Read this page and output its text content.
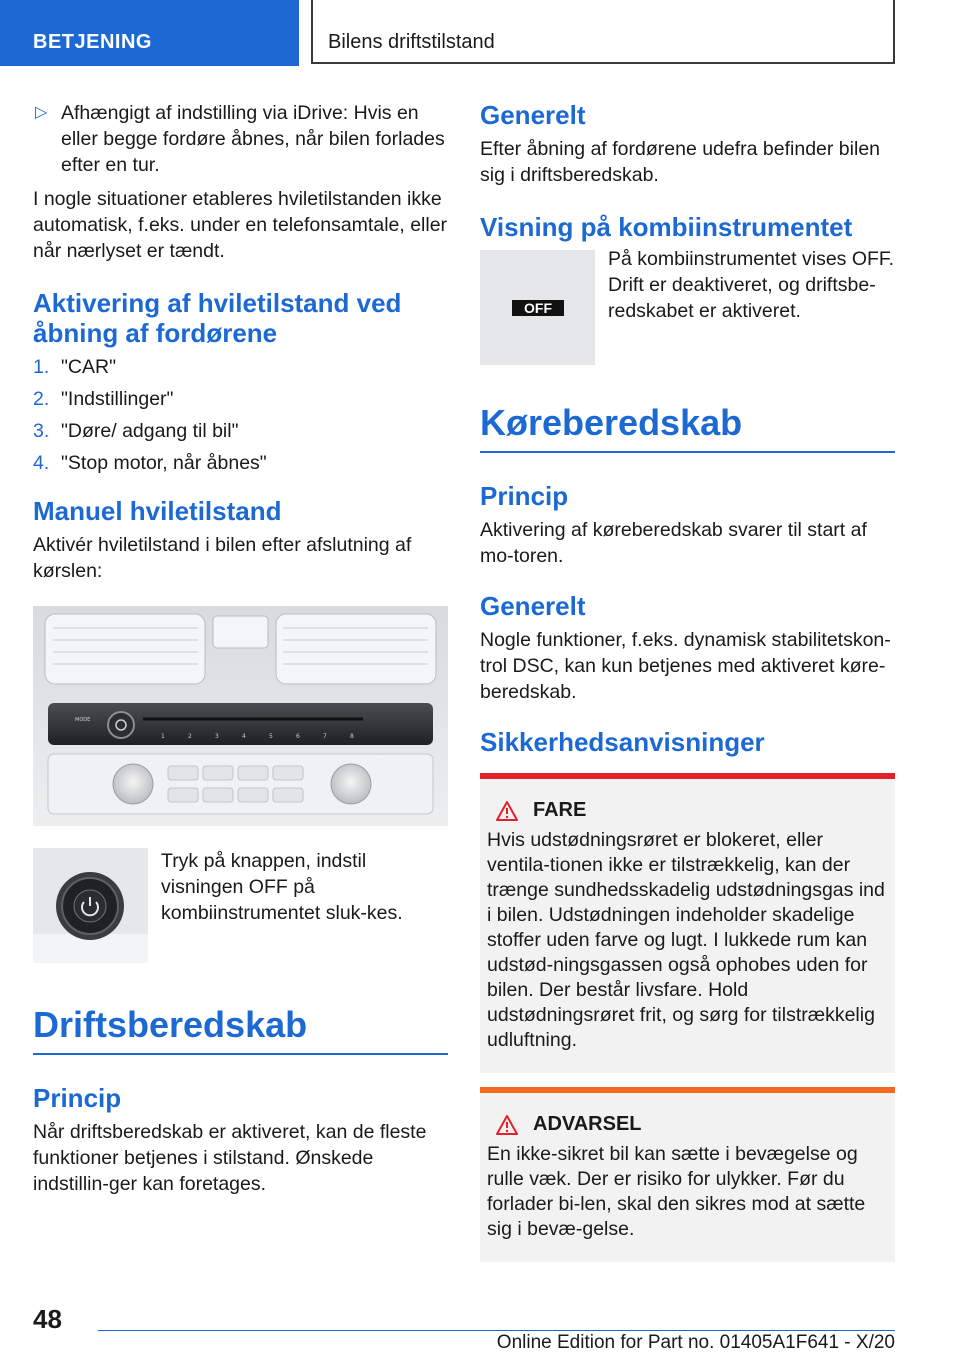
BETJENING	Bilens driftstilstand
▷ Afhængigt af indstilling via iDrive: Hvis en eller begge fordøre åbnes, når bilen forlades efter en tur.

I nogle situationer etableres hviletilstanden ikke automatisk, f.eks. under en telefonsamtale, eller når nærlyset er tændt.

Aktivering af hviletilstand ved åbning af fordørene
1. "CAR"
2. "Indstillinger"
3. "Døre/ adgang til bil"
4. "Stop motor, når åbnes"
Manuel hviletilstand

Aktivér hviletilstand i bilen efter afslutning af kørslen:

MODE
1	2	3	4	5	6	7	8

Tryk på knappen, indstil visningen OFF på kombiinstrumentet sluk-kes.

Driftsberedskab
Princip

Når driftsberedskab er aktiveret, kan de fleste funktioner betjenes i stilstand. Ønskede indstillin-ger kan foretages.

Generelt

Efter åbning af fordørene udefra befinder bilen sig i driftsberedskab.

Visning på kombiinstrumentet
OFF

På kombiinstrumentet vises OFF. Drift er deaktiveret, og driftsbe-redskabet er aktiveret.

Køreberedskab
Princip

Aktivering af køreberedskab svarer til start af mo-toren.

Generelt

Nogle funktioner, f.eks. dynamisk stabilitetskon-trol DSC, kan kun betjenes med aktiveret køre-beredskab.

Sikkerhedsanvisninger
FARE

Hvis udstødningsrøret er blokeret, eller ventila-tionen ikke er tilstrækkelig, kan der trænge sundhedsskadelig udstødningsgas ind i bilen. Udstødningen indeholder skadelige stoffer uden farve og lugt. I lukkede rum kan udstød-ningsgassen også ophobes uden for bilen. Der består livsfare. Hold udstødningsrøret frit, og sørg for tilstrækkelig udluftning.

ADVARSEL

En ikke-sikret bil kan sætte i bevægelse og rulle væk. Der er risiko for ulykker. Før du forlader bi-len, skal den sikres mod at sætte sig i bevæ-gelse.

48
Online Edition for Part no. 01405A1F641 - X/20
